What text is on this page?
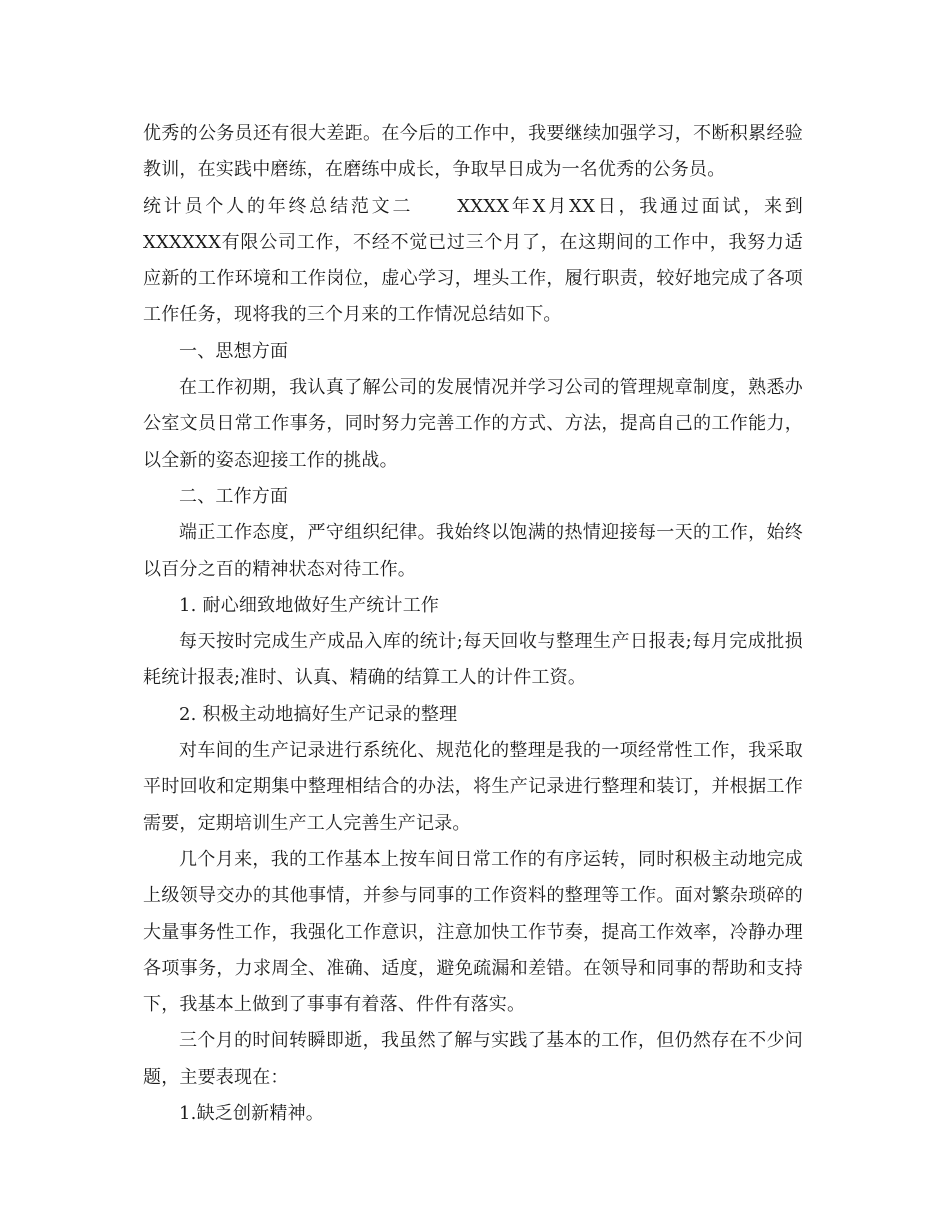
优秀的公务员还有很大差距。在今后的工作中，我要继续加强学习，不断积累经验教训，在实践中磨练，在磨练中成长，争取早日成为一名优秀的公务员。

统计员个人的年终总结范文二 XXXX年X月XX日，我通过面试，来到XXXXXX有限公司工作，不经不觉已过三个月了，在这期间的工作中，我努力适应新的工作环境和工作岗位，虚心学习，埋头工作，履行职责，较好地完成了各项工作任务，现将我的三个月来的工作情况总结如下。

一、思想方面

在工作初期，我认真了解公司的发展情况并学习公司的管理规章制度，熟悉办公室文员日常工作事务，同时努力完善工作的方式、方法，提高自己的工作能力，以全新的姿态迎接工作的挑战。

二、工作方面

端正工作态度，严守组织纪律。我始终以饱满的热情迎接每一天的工作，始终以百分之百的精神状态对待工作。

1. 耐心细致地做好生产统计工作

每天按时完成生产成品入库的统计;每天回收与整理生产日报表;每月完成批损耗统计报表;准时、认真、精确的结算工人的计件工资。

2. 积极主动地搞好生产记录的整理

对车间的生产记录进行系统化、规范化的整理是我的一项经常性工作，我采取平时回收和定期集中整理相结合的办法，将生产记录进行整理和装订，并根据工作需要，定期培训生产工人完善生产记录。

几个月来，我的工作基本上按车间日常工作的有序运转，同时积极主动地完成上级领导交办的其他事情，并参与同事的工作资料的整理等工作。面对繁杂琐碎的大量事务性工作，我强化工作意识，注意加快工作节奏，提高工作效率，冷静办理各项事务，力求周全、准确、适度，避免疏漏和差错。在领导和同事的帮助和支持下，我基本上做到了事事有着落、件件有落实。

三个月的时间转瞬即逝，我虽然了解与实践了基本的工作，但仍然存在不少问题，主要表现在：

1.缺乏创新精神。
